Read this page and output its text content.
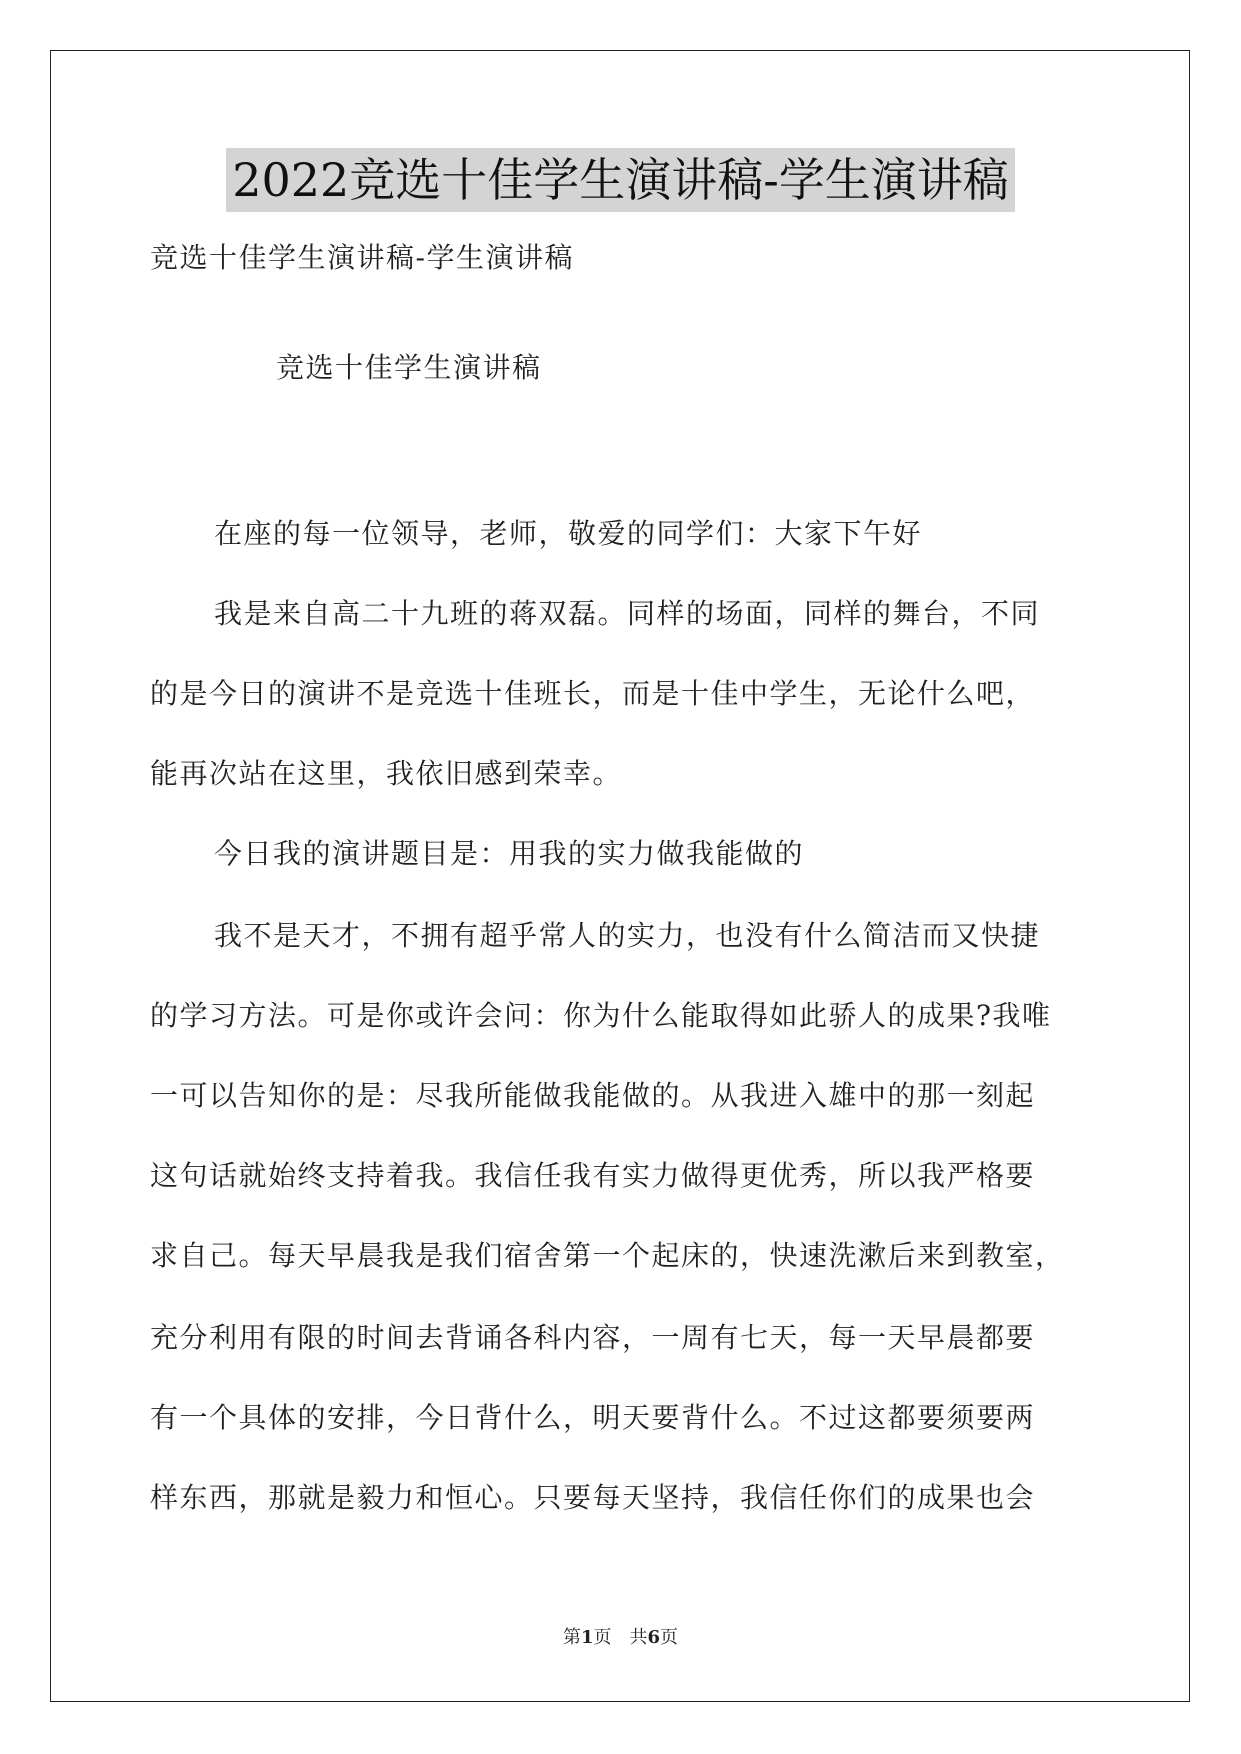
2022竞选十佳学生演讲稿-学生演讲稿
竞选十佳学生演讲稿-学生演讲稿
竞选十佳学生演讲稿
在座的每一位领导，老师，敬爱的同学们：大家下午好
我是来自高二十九班的蒋双磊。同样的场面，同样的舞台，不同
的是今日的演讲不是竞选十佳班长，而是十佳中学生，无论什么吧，
能再次站在这里，我依旧感到荣幸。
今日我的演讲题目是：用我的实力做我能做的
我不是天才，不拥有超乎常人的实力，也没有什么简洁而又快捷
的学习方法。可是你或许会问：你为什么能取得如此骄人的成果?我唯
一可以告知你的是：尽我所能做我能做的。从我进入雄中的那一刻起
这句话就始终支持着我。我信任我有实力做得更优秀，所以我严格要
求自己。每天早晨我是我们宿舍第一个起床的，快速洗漱后来到教室，
充分利用有限的时间去背诵各科内容，一周有七天，每一天早晨都要
有一个具体的安排，今日背什么，明天要背什么。不过这都要须要两
样东西，那就是毅力和恒心。只要每天坚持，我信任你们的成果也会
第1页　共6页
